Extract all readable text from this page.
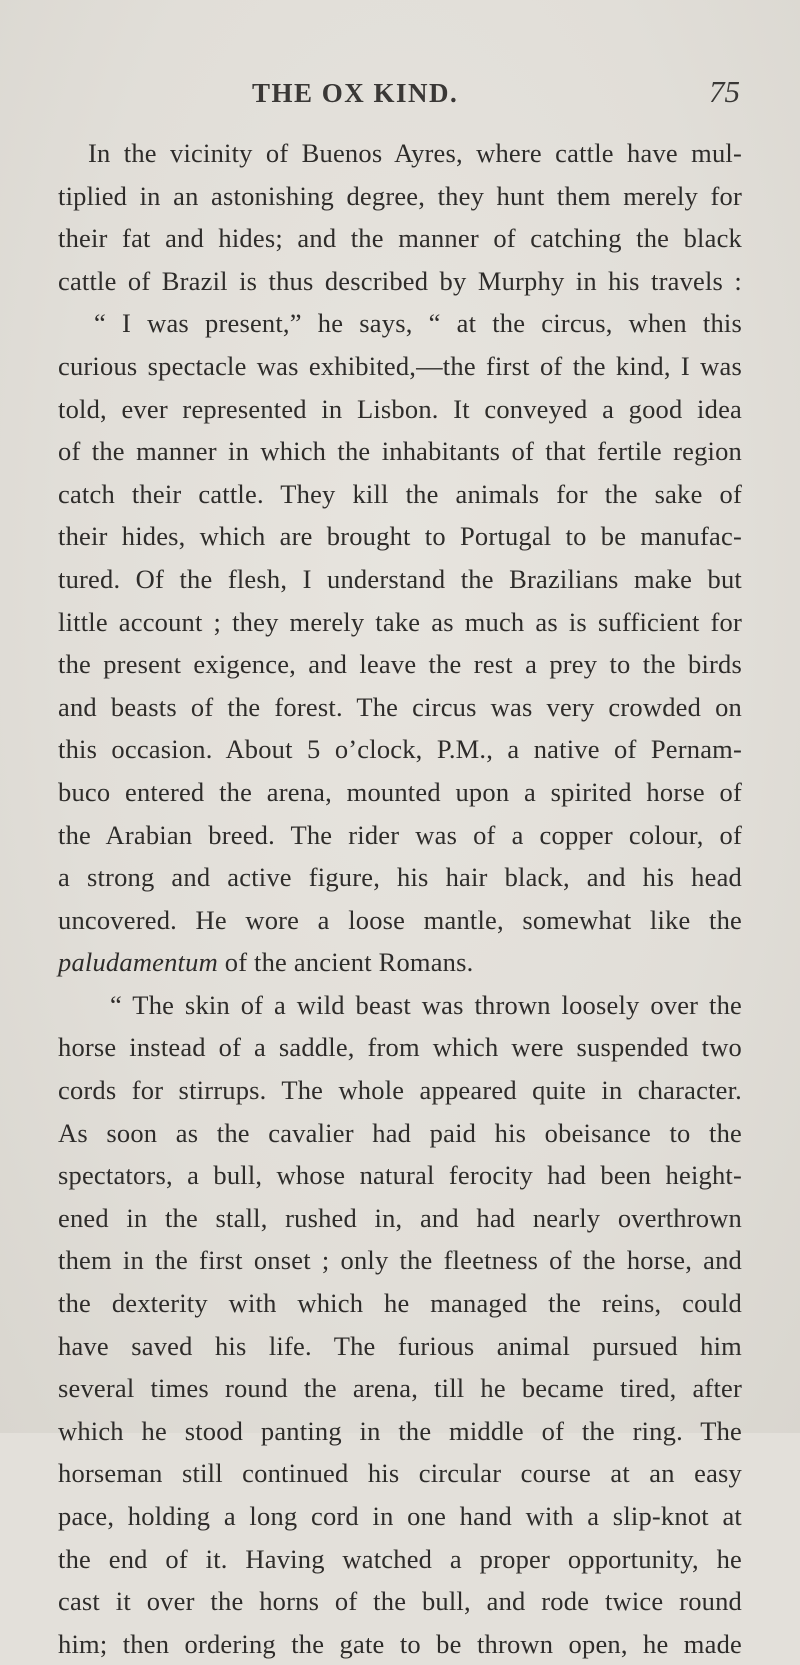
THE OX KIND.	75
In the vicinity of Buenos Ayres, where cattle have mul-
tiplied in an astonishing degree, they hunt them merely for
their fat and hides; and the manner of catching the black
cattle of Brazil is thus described by Murphy in his travels :
“ I was present,” he says, “ at the circus, when this
curious spectacle was exhibited,—the first of the kind, I was
told, ever represented in Lisbon. It conveyed a good idea
of the manner in which the inhabitants of that fertile region
catch their cattle. They kill the animals for the sake of
their hides, which are brought to Portugal to be manufac-
tured. Of the flesh, I understand the Brazilians make but
little account ; they merely take as much as is sufficient for
the present exigence, and leave the rest a prey to the birds
and beasts of the forest. The circus was very crowded on
this occasion. About 5 o’clock, P.M., a native of Pernam-
buco entered the arena, mounted upon a spirited horse of
the Arabian breed. The rider was of a copper colour, of
a strong and active figure, his hair black, and his head
uncovered. He wore a loose mantle, somewhat like the
paludamentum of the ancient Romans.
“ The skin of a wild beast was thrown loosely over the
horse instead of a saddle, from which were suspended two
cords for stirrups. The whole appeared quite in character.
As soon as the cavalier had paid his obeisance to the
spectators, a bull, whose natural ferocity had been height-
ened in the stall, rushed in, and had nearly overthrown
them in the first onset ; only the fleetness of the horse, and
the dexterity with which he managed the reins, could
have saved his life. The furious animal pursued him
several times round the arena, till he became tired, after
which he stood panting in the middle of the ring. The
horseman still continued his circular course at an easy
pace, holding a long cord in one hand with a slip-knot at
the end of it. Having watched a proper opportunity, he
cast it over the horns of the bull, and rode twice round
him; then ordering the gate to be thrown open, he made
